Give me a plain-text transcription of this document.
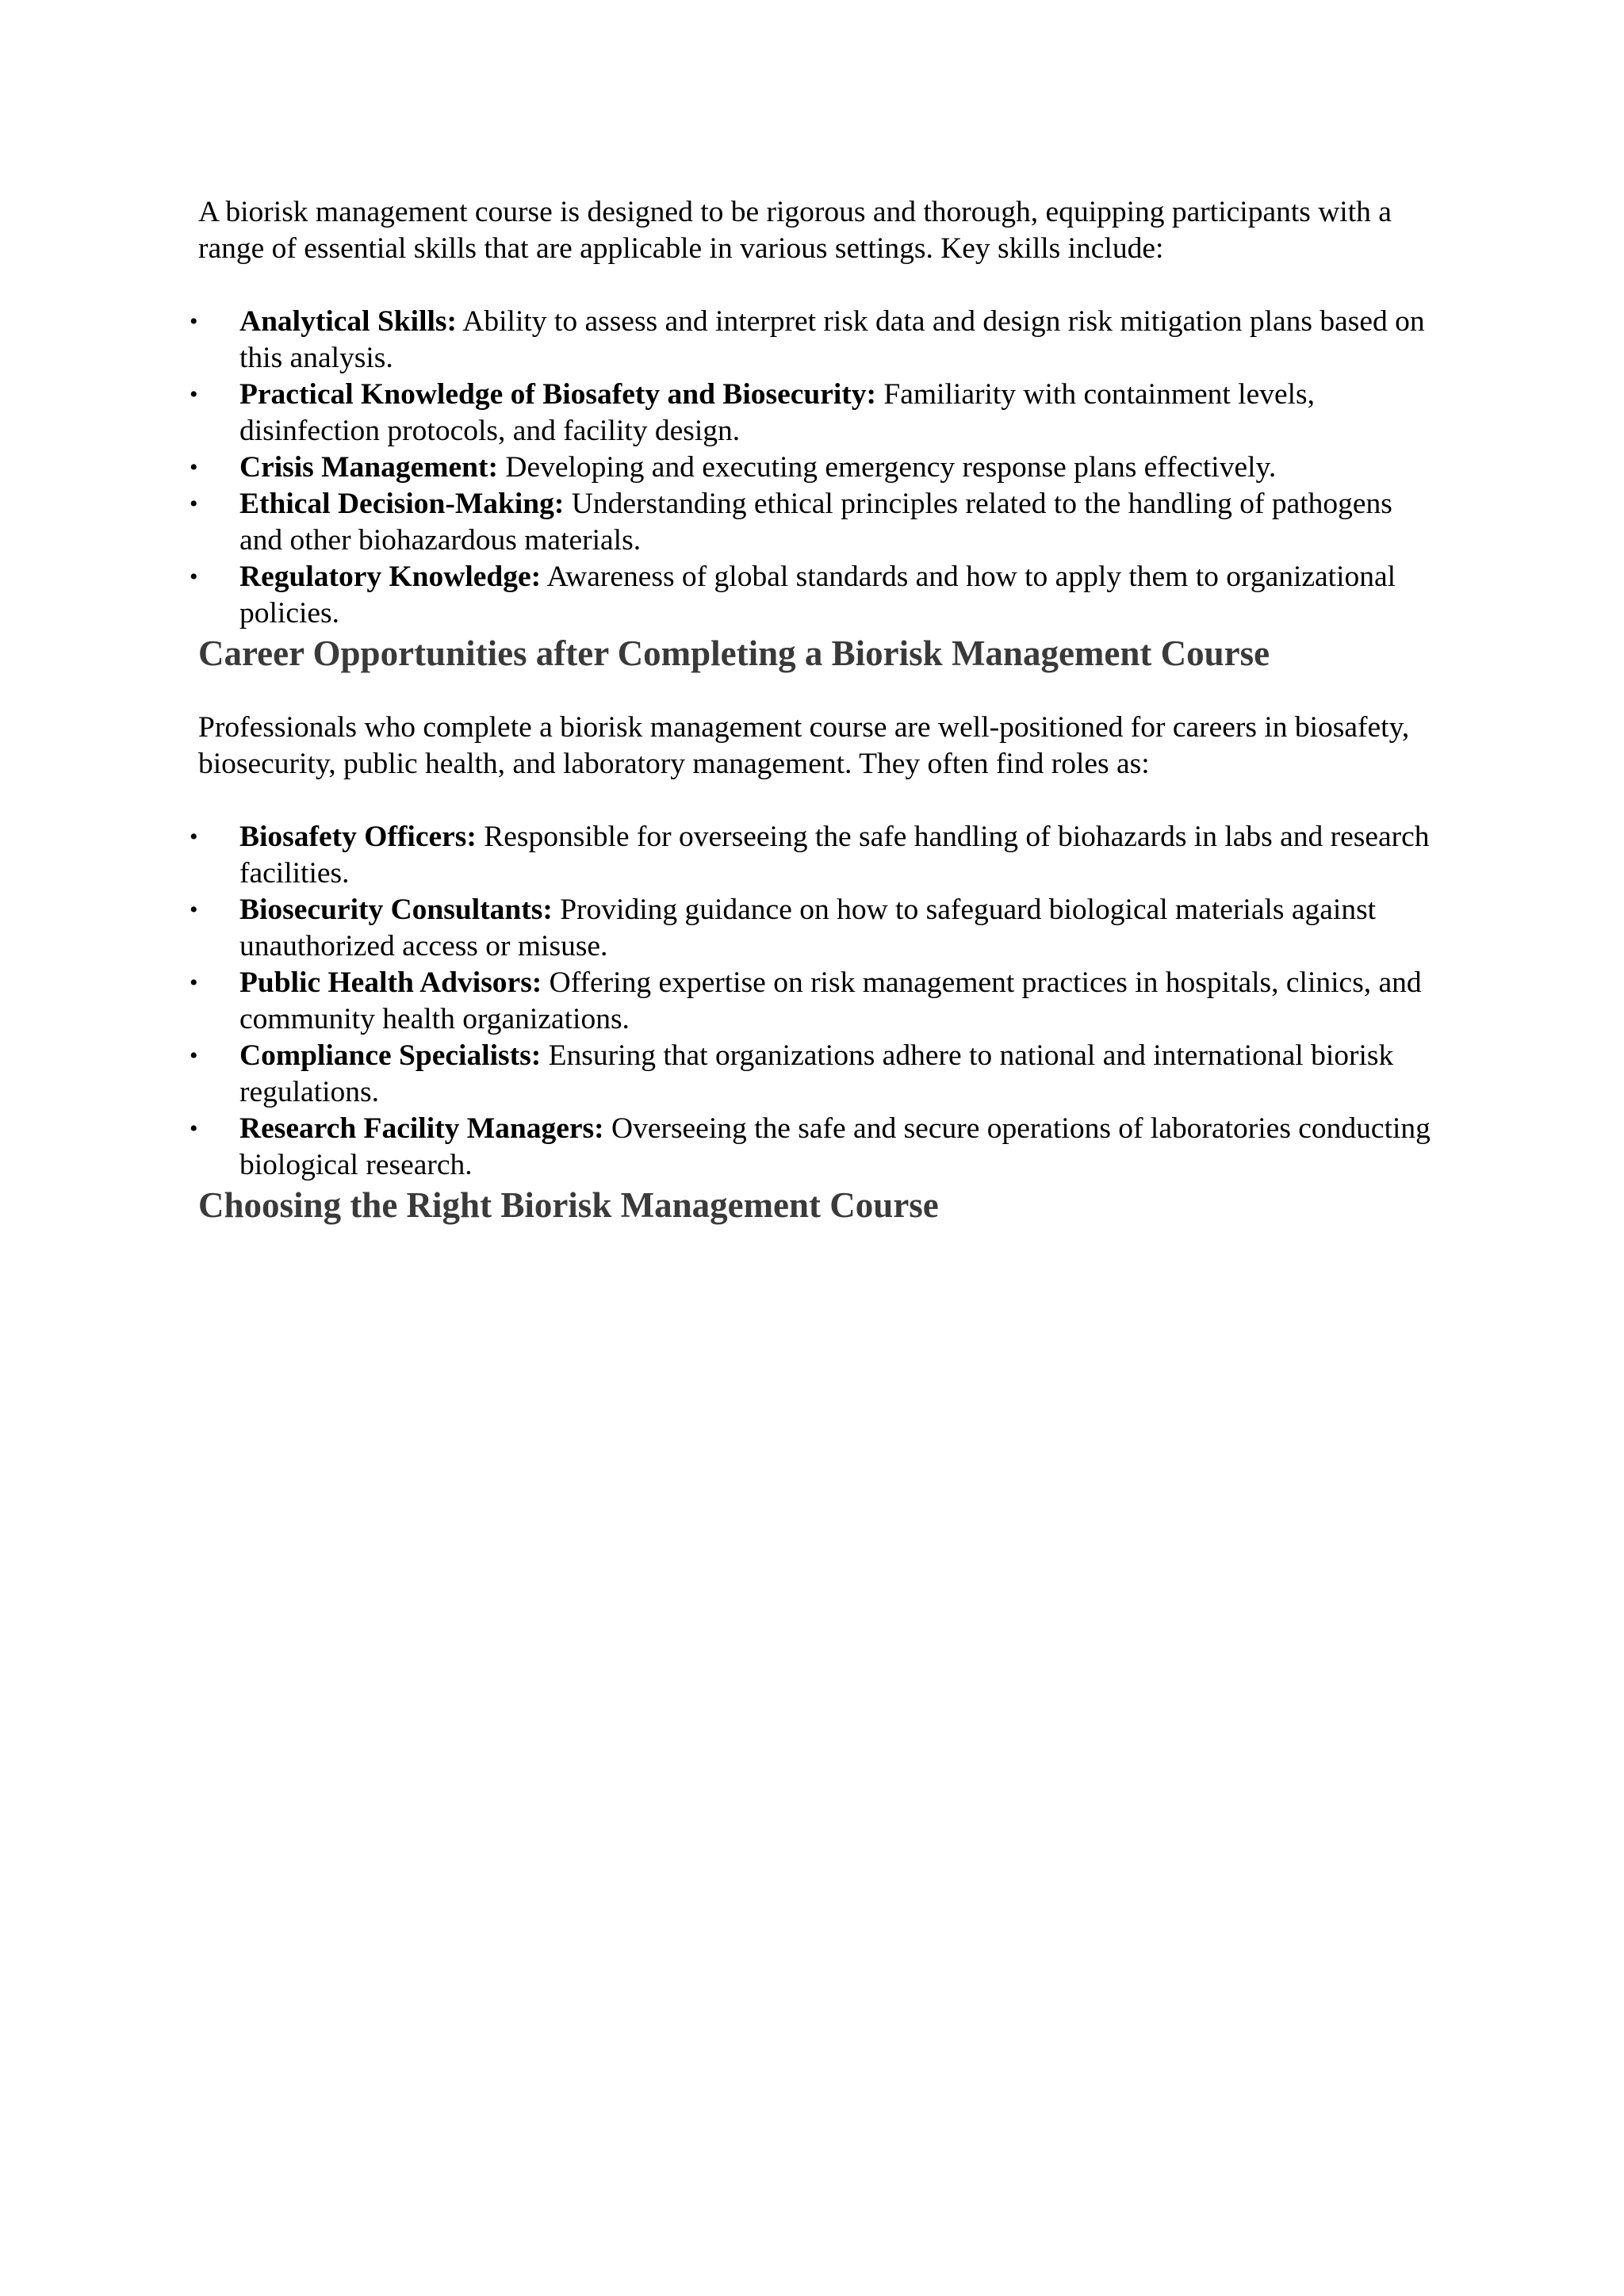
A biorisk management course is designed to be rigorous and thorough, equipping participants with a range of essential skills that are applicable in various settings. Key skills include:

• Analytical Skills: Ability to assess and interpret risk data and design risk mitigation plans based on this analysis.
• Practical Knowledge of Biosafety and Biosecurity: Familiarity with containment levels, disinfection protocols, and facility design.
• Crisis Management: Developing and executing emergency response plans effectively.
• Ethical Decision-Making: Understanding ethical principles related to the handling of pathogens and other biohazardous materials.
• Regulatory Knowledge: Awareness of global standards and how to apply them to organizational policies.
Career Opportunities after Completing a Biorisk Management Course

Professionals who complete a biorisk management course are well-positioned for careers in biosafety, biosecurity, public health, and laboratory management. They often find roles as:

• Biosafety Officers: Responsible for overseeing the safe handling of biohazards in labs and research facilities.
• Biosecurity Consultants: Providing guidance on how to safeguard biological materials against unauthorized access or misuse.
• Public Health Advisors: Offering expertise on risk management practices in hospitals, clinics, and community health organizations.
• Compliance Specialists: Ensuring that organizations adhere to national and international biorisk regulations.
• Research Facility Managers: Overseeing the safe and secure operations of laboratories conducting biological research.
Choosing the Right Biorisk Management Course
